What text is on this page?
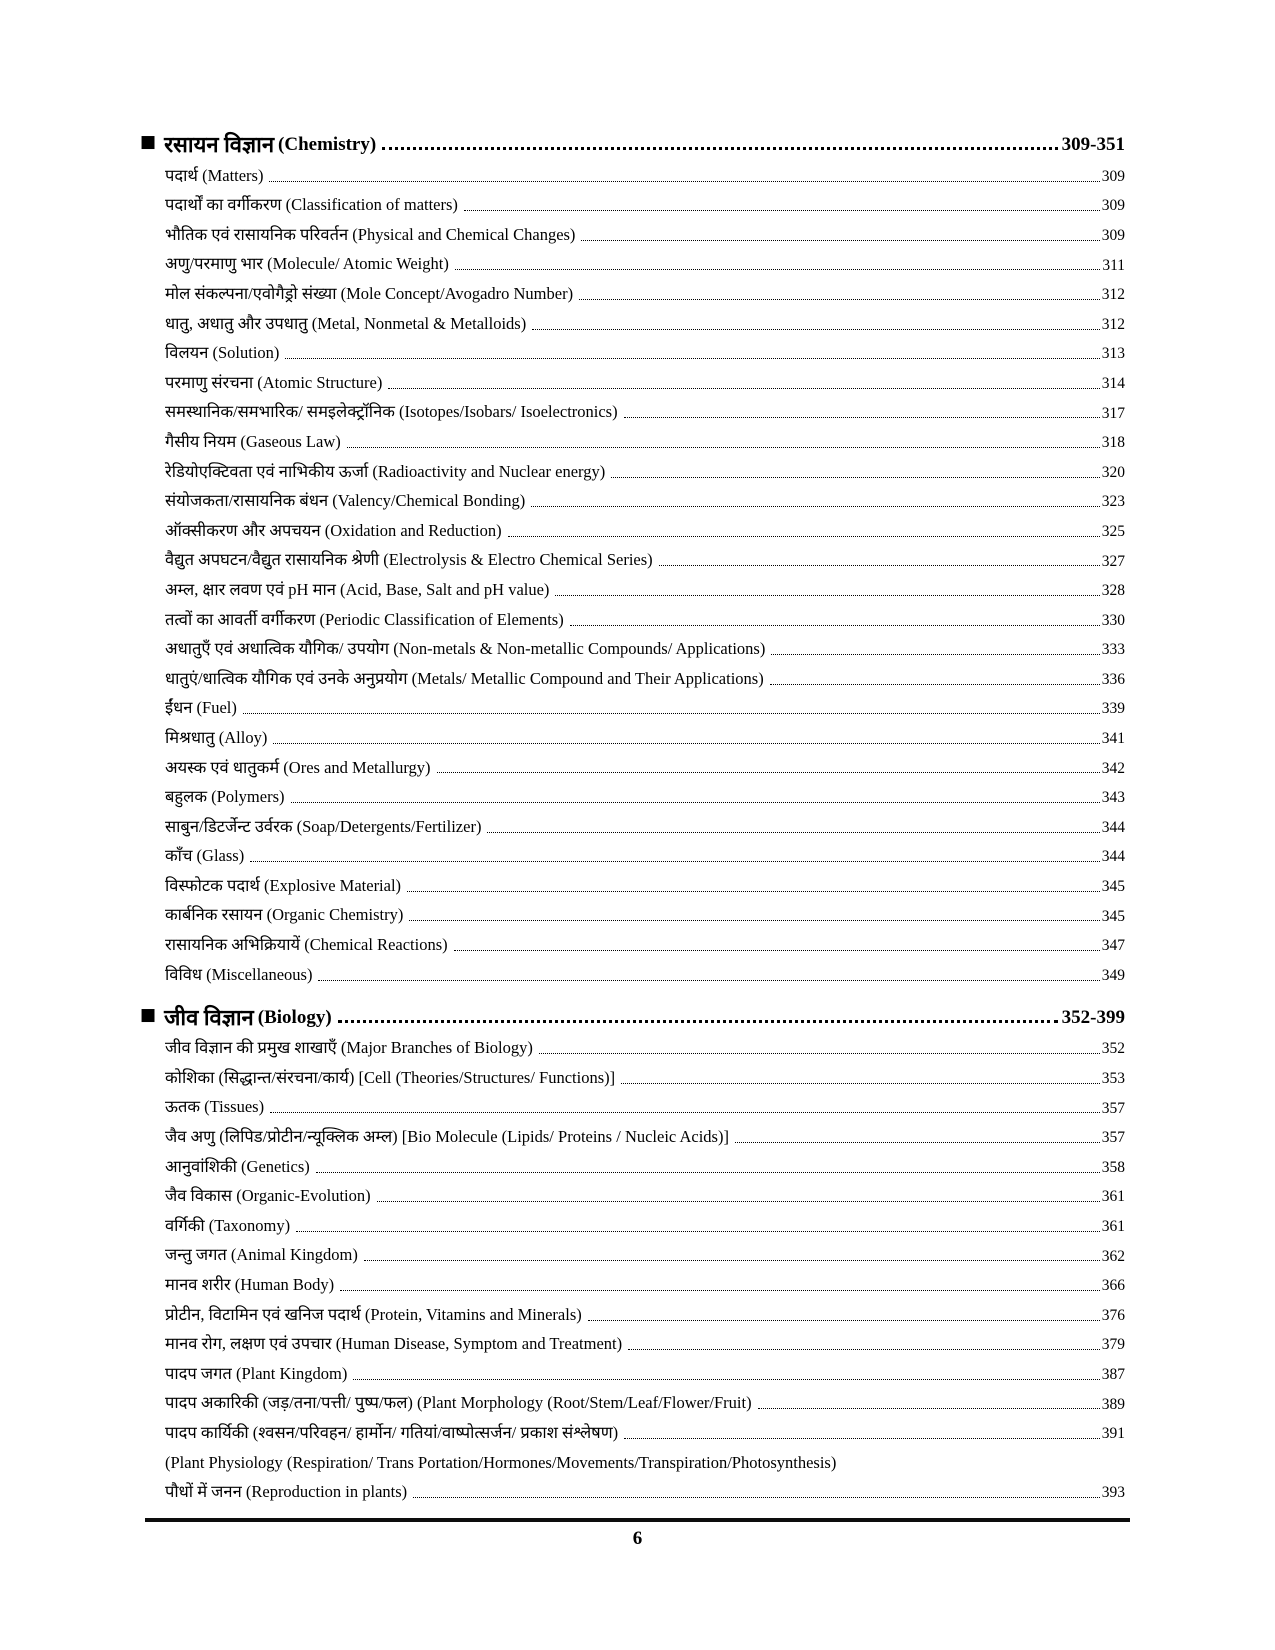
■ रसायन विज्ञान (Chemistry)	309-351
पदार्थ (Matters)	309
पदार्थों का वर्गीकरण (Classification of matters)	309
भौतिक एवं रासायनिक परिवर्तन (Physical and Chemical Changes)	309
अणु/परमाणु भार (Molecule/ Atomic Weight)	311
मोल संकल्पना/एवोगैड्रो संख्या (Mole Concept/Avogadro Number)	312
धातु, अधातु और उपधातु (Metal, Nonmetal & Metalloids)	312
विलयन (Solution)	313
परमाणु संरचना (Atomic Structure)	314
समस्थानिक/समभारिक/ समइलेक्ट्रॉनिक (Isotopes/Isobars/ Isoelectronics)	317
गैसीय नियम (Gaseous Law)	318
रेडियोएक्टिवता एवं नाभिकीय ऊर्जा (Radioactivity and Nuclear energy)	320
संयोजकता/रासायनिक बंधन (Valency/Chemical Bonding)	323
ऑक्सीकरण और अपचयन (Oxidation and Reduction)	325
वैद्युत अपघटन/वैद्युत रासायनिक श्रेणी (Electrolysis & Electro Chemical Series)	327
अम्ल, क्षार लवण एवं pH मान (Acid, Base, Salt and pH value)	328
तत्वों का आवर्ती वर्गीकरण (Periodic Classification of Elements)	330
अधातुएँ एवं अधात्विक यौगिक/ उपयोग (Non-metals & Non-metallic Compounds/ Applications)	333
धातुएं/धात्विक यौगिक एवं उनके अनुप्रयोग (Metals/ Metallic Compound and Their Applications)	336
ईंधन (Fuel)	339
मिश्रधातु (Alloy)	341
अयस्क एवं धातुकर्म (Ores and Metallurgy)	342
बहुलक (Polymers)	343
साबुन/डिटर्जेन्ट उर्वरक (Soap/Detergents/Fertilizer)	344
काँच (Glass)	344
विस्फोटक पदार्थ (Explosive Material)	345
कार्बनिक रसायन (Organic Chemistry)	345
रासायनिक अभिक्रियायें (Chemical Reactions)	347
विविध (Miscellaneous)	349
■ जीव विज्ञान (Biology)	352-399
जीव विज्ञान की प्रमुख शाखाएँ (Major Branches of Biology)	352
कोशिका (सिद्धान्त/संरचना/कार्य) [Cell (Theories/Structures/ Functions)]	353
ऊतक (Tissues)	357
जैव अणु (लिपिड/प्रोटीन/न्यूक्लिक अम्ल) [Bio Molecule (Lipids/ Proteins / Nucleic Acids)]	357
आनुवांशिकी (Genetics)	358
जैव विकास (Organic-Evolution)	361
वर्गिकी (Taxonomy)	361
जन्तु जगत (Animal Kingdom)	362
मानव शरीर (Human Body)	366
प्रोटीन, विटामिन एवं खनिज पदार्थ (Protein, Vitamins and Minerals)	376
मानव रोग, लक्षण एवं उपचार (Human Disease, Symptom and Treatment)	379
पादप जगत (Plant Kingdom)	387
पादप अकारिकी (जड़/तना/पत्ती/ पुष्प/फल) (Plant Morphology (Root/Stem/Leaf/Flower/Fruit)	389
पादप कार्यिकी (श्वसन/परिवहन/ हार्मोन/ गतियां/वाष्पोत्सर्जन/ प्रकाश संश्लेषण)	391
(Plant Physiology (Respiration/ Trans Portation/Hormones/Movements/Transpiration/Photosynthesis)
पौधों में जनन (Reproduction in plants)	393
6
